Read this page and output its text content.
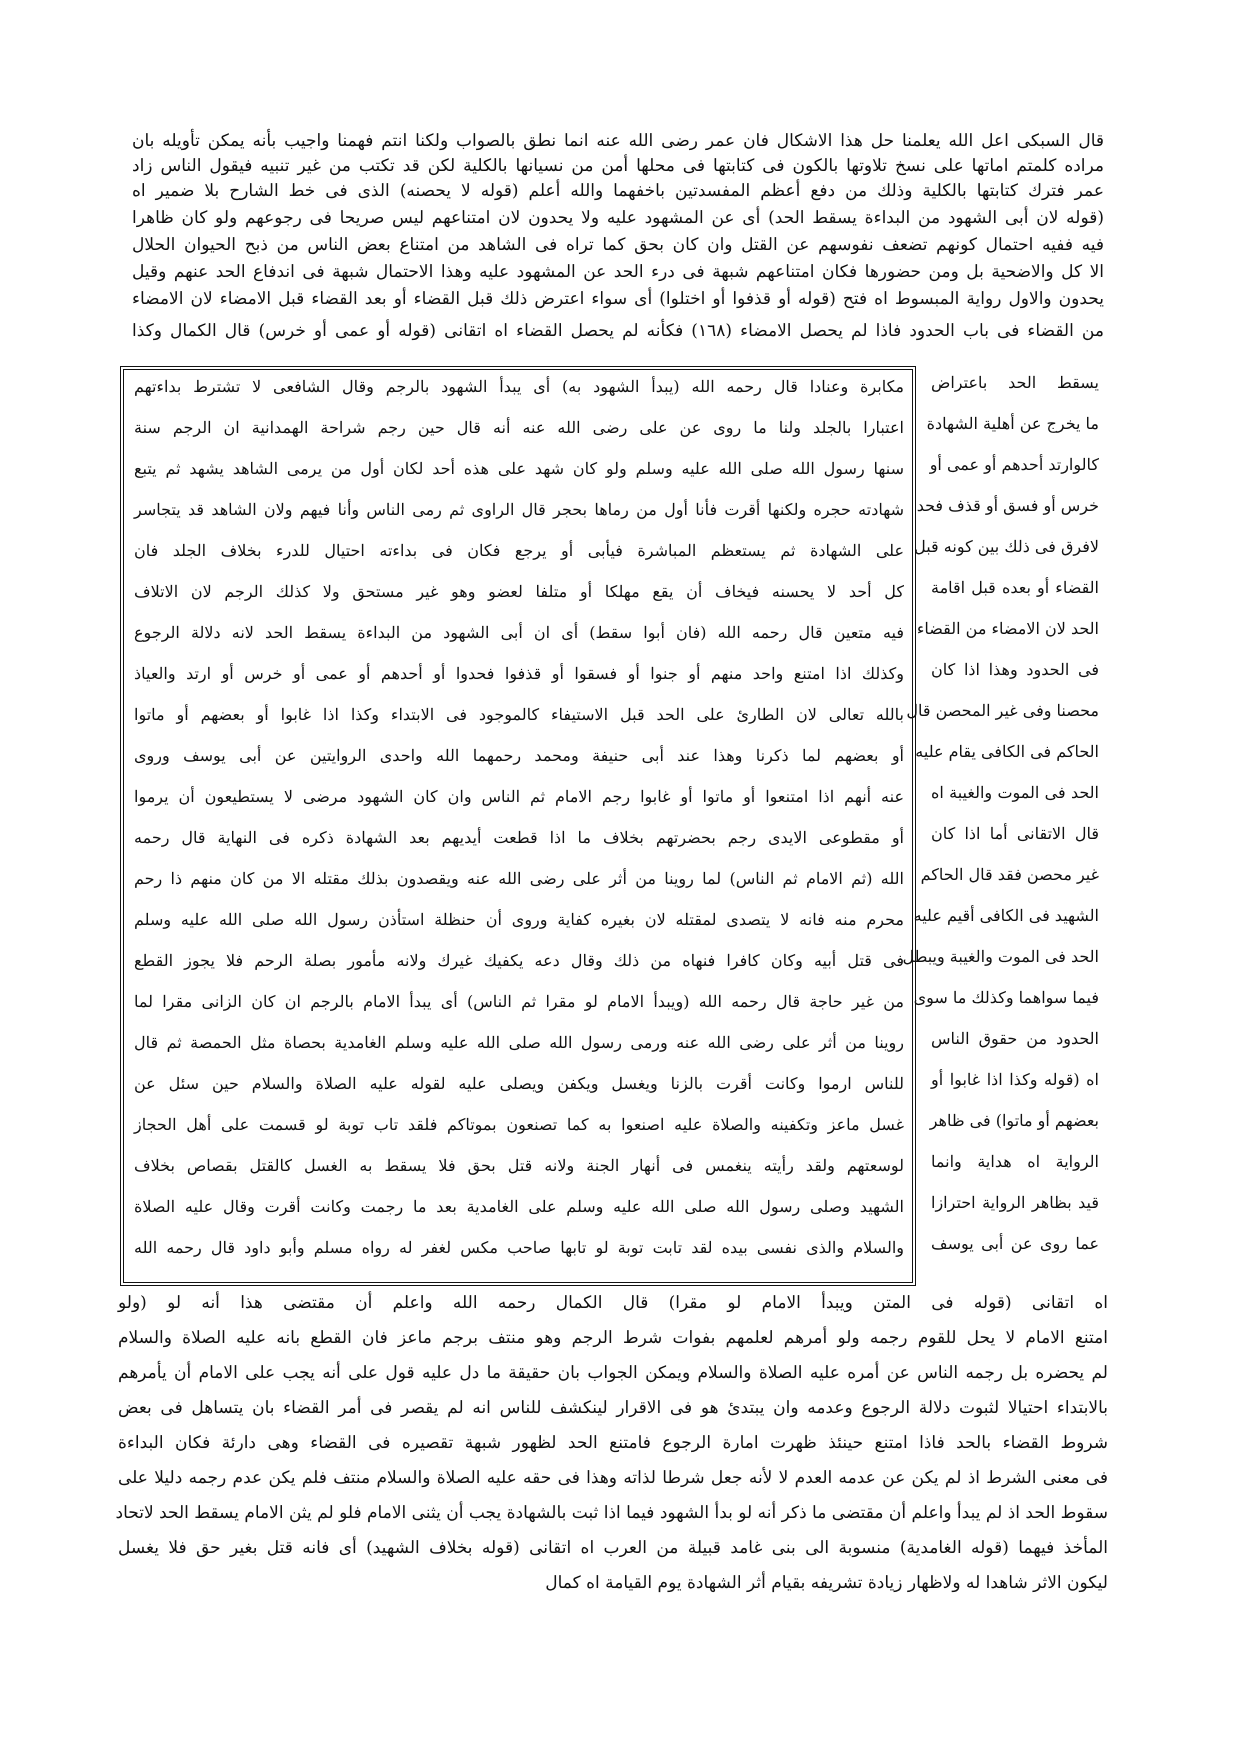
قال السبكى اعل الله يعلمنا حل هذا الاشكال فان عمر رضى الله عنه انما نطق بالصواب ولكنا انتم فهمنا واجيب بأنه يمكن تأويله بان
مراده كلمتم اماتها على نسخ تلاوتها بالكون فى كتابتها فى محلها أمن من نسيانها بالكلية لكن قد تكتب من غير تنبيه فيقول الناس زاد
عمر فترك كتابتها بالكلية وذلك من دفع أعظم المفسدتين باخفهما والله أعلم (قوله لا يحصنه) الذى فى خط الشارح بلا ضمير اه
(قوله لان أبى الشهود من البداءة يسقط الحد) أى عن المشهود عليه ولا يحدون لان امتناعهم ليس صريحا فى رجوعهم ولو كان ظاهرا
فيه ففيه احتمال كونهم تضعف نفوسهم عن القتل وان كان بحق كما تراه فى الشاهد من امتناع بعض الناس من ذبح الحيوان الحلال
الا كل والاضحية بل ومن حضورها فكان امتناعهم شبهة فى درء الحد عن المشهود عليه وهذا الاحتمال شبهة فى اندفاع الحد عنهم وقيل
يحدون والاول رواية المبسوط اه فتح (قوله أو قذفوا أو اختلوا) أى سواء اعترض ذلك قبل القضاء أو بعد القضاء قبل الامضاء لان الامضاء
من القضاء فى باب الحدود فاذا لم يحصل الامضاء (١٦٨) فكأنه لم يحصل القضاء اه اتقانى (قوله أو عمى أو خرس) قال الكمال وكذا
مكابرة وعنادا قال رحمه الله (يبدأ الشهود به) أى يبدأ الشهود بالرجم وقال الشافعى لا تشترط بداءتهم
اعتبارا بالجلد ولنا ما روى عن على رضى الله عنه أنه قال حين رجم شراحة الهمدانية ان الرجم سنة
سنها رسول الله صلى الله عليه وسلم ولو كان شهد على هذه أحد لكان أول من يرمى الشاهد يشهد ثم يتبع
شهادته حجره ولكنها أقرت فأنا أول من رماها بحجر قال الراوى ثم رمى الناس وأنا فيهم ولان الشاهد قد يتجاسر
على الشهادة ثم يستعظم المباشرة فيأبى أو يرجع فكان فى بداءته احتيال للدرء بخلاف الجلد فان
كل أحد لا يحسنه فيخاف أن يقع مهلكا أو متلفا لعضو وهو غير مستحق ولا كذلك الرجم لان الاتلاف
فيه متعين قال رحمه الله (فان أبوا سقط) أى ان أبى الشهود من البداءة يسقط الحد لانه دلالة الرجوع
وكذلك اذا امتنع واحد منهم أو جنوا أو فسقوا أو قذفوا فحدوا أو أحدهم أو عمى أو خرس أو ارتد والعياذ
بالله تعالى لان الطارئ على الحد قبل الاستيفاء كالموجود فى الابتداء وكذا اذا غابوا أو بعضهم أو ماتوا
أو بعضهم لما ذكرنا وهذا عند أبى حنيفة ومحمد رحمهما الله واحدى الروايتين عن أبى يوسف وروى
عنه أنهم اذا امتنعوا أو ماتوا أو غابوا رجم الامام ثم الناس وان كان الشهود مرضى لا يستطيعون أن يرموا
أو مقطوعى الايدى رجم بحضرتهم بخلاف ما اذا قطعت أيديهم بعد الشهادة ذكره فى النهاية قال رحمه
الله (ثم الامام ثم الناس) لما روينا من أثر على رضى الله عنه ويقصدون بذلك مقتله الا من كان منهم ذا رحم
محرم منه فانه لا يتصدى لمقتله لان بغيره كفاية وروى أن حنظلة استأذن رسول الله صلى الله عليه وسلم
فى قتل أبيه وكان كافرا فنهاه من ذلك وقال دعه يكفيك غيرك ولانه مأمور بصلة الرحم فلا يجوز القطع
من غير حاجة قال رحمه الله (ويبدأ الامام لو مقرا ثم الناس) أى يبدأ الامام بالرجم ان كان الزانى مقرا لما
روينا من أثر على رضى الله عنه ورمى رسول الله صلى الله عليه وسلم الغامدية بحصاة مثل الحمصة ثم قال
للناس ارموا وكانت أقرت بالزنا ويغسل ويكفن ويصلى عليه لقوله عليه الصلاة والسلام حين سئل عن
غسل ماعز وتكفينه والصلاة عليه اصنعوا به كما تصنعون بموتاكم فلقد تاب توبة لو قسمت على أهل الحجاز
لوسعتهم ولقد رأيته ينغمس فى أنهار الجنة ولانه قتل بحق فلا يسقط به الغسل كالقتل بقصاص بخلاف
الشهيد وصلى رسول الله صلى الله عليه وسلم على الغامدية بعد ما رجمت وكانت أقرت وقال عليه الصلاة
والسلام والذى نفسى بيده لقد تابت توبة لو تابها صاحب مكس لغفر له رواه مسلم وأبو داود قال رحمه الله
يسقط الحد باعتراض
ما يخرج عن أهلية الشهادة
كالوارتد أحدهم أو عمى أو
خرس أو فسق أو قذف فحد
لافرق فى ذلك بين كونه قبل
القضاء أو بعده قبل اقامة
الحد لان الامضاء من القضاء
فى الحدود وهذا اذا كان
محصنا وفى غير المحصن قال
الحاكم فى الكافى يقام عليه
الحد فى الموت والغيبة اه
قال الاتقانى أما اذا كان
غير محصن فقد قال الحاكم
الشهيد فى الكافى أقيم عليه
الحد فى الموت والغيبة ويبطل
فيما سواهما وكذلك ما سوى
الحدود من حقوق الناس
اه (قوله وكذا اذا غابوا أو
بعضهم أو ماتوا) فى ظاهر
الرواية اه هداية وانما
قيد بظاهر الرواية احترازا
عما روى عن أبى يوسف
اه اتقانى (قوله فى المتن ويبدأ الامام لو مقرا) قال الكمال رحمه الله واعلم أن مقتضى هذا أنه لو (ولو
امتنع الامام لا يحل للقوم رجمه ولو أمرهم لعلمهم بفوات شرط الرجم وهو منتف برجم ماعز فان القطع بانه عليه الصلاة والسلام
لم يحضره بل رجمه الناس عن أمره عليه الصلاة والسلام ويمكن الجواب بان حقيقة ما دل عليه قول على أنه يجب على الامام أن يأمرهم
بالابتداء احتيالا لثبوت دلالة الرجوع وعدمه وان يبتدئ هو فى الاقرار لينكشف للناس انه لم يقصر فى أمر القضاء بان يتساهل فى بعض
شروط القضاء بالحد فاذا امتنع حينئذ ظهرت امارة الرجوع فامتنع الحد لظهور شبهة تقصيره فى القضاء وهى دارئة فكان البداءة
فى معنى الشرط اذ لم يكن عن عدمه العدم لا لأنه جعل شرطا لذاته وهذا فى حقه عليه الصلاة والسلام منتف فلم يكن عدم رجمه دليلا على
سقوط الحد اذ لم يبدأ واعلم أن مقتضى ما ذكر أنه لو بدأ الشهود فيما اذا ثبت بالشهادة يجب أن يثنى الامام فلو لم يثن الامام يسقط الحد لاتحاد
المأخذ فيهما (قوله الغامدية) منسوبة الى بنى غامد قبيلة من العرب اه اتقانى (قوله بخلاف الشهيد) أى فانه قتل بغير حق فلا يغسل
ليكون الاثر شاهدا له ولاظهار زيادة تشريفه بقيام أثر الشهادة يوم القيامة اه كمال
